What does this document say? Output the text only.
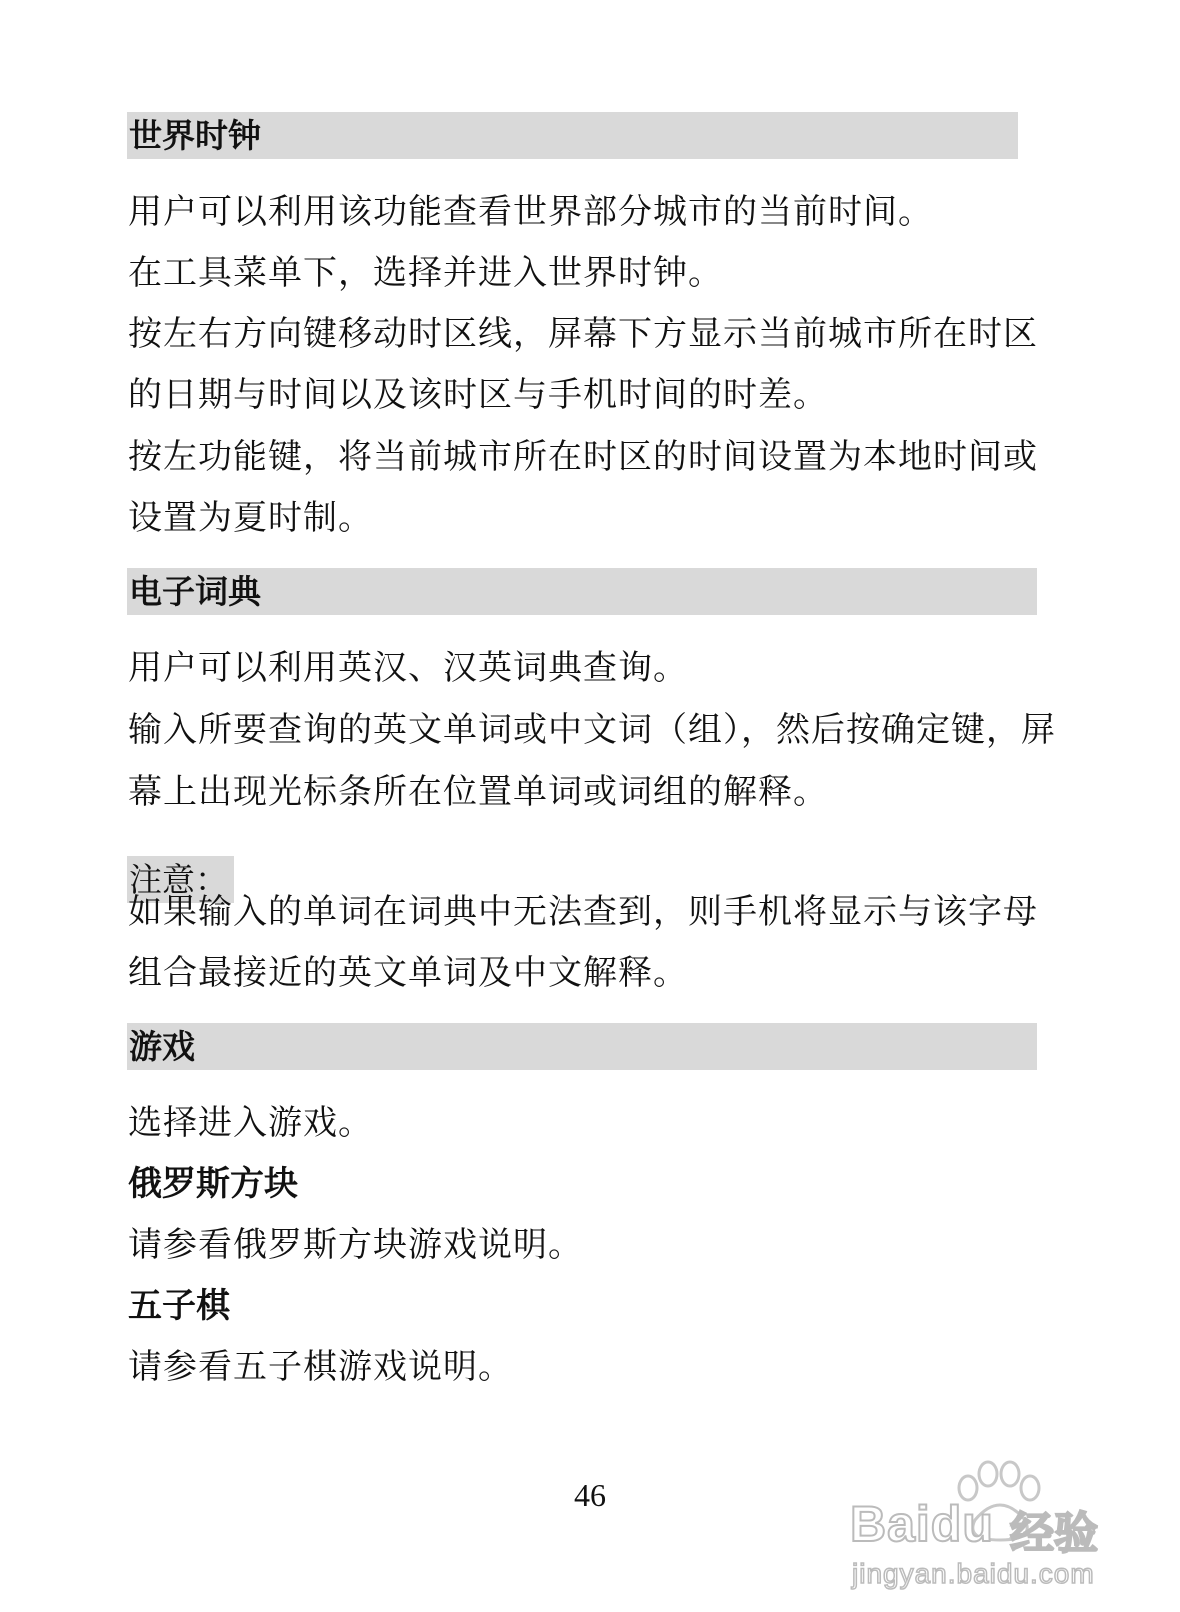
世界时钟
用户可以利用该功能查看世界部分城市的当前时间。
在工具菜单下，选择并进入世界时钟。
按左右方向键移动时区线，屏幕下方显示当前城市所在时区
的日期与时间以及该时区与手机时间的时差。
按左功能键，将当前城市所在时区的时间设置为本地时间或
设置为夏时制。
电子词典
用户可以利用英汉、汉英词典查询。
输入所要查询的英文单词或中文词（组），然后按确定键，屏
幕上出现光标条所在位置单词或词组的解释。
注意：
如果输入的单词在词典中无法查到，则手机将显示与该字母
组合最接近的英文单词及中文解释。
游戏
选择进入游戏。
俄罗斯方块
请参看俄罗斯方块游戏说明。
五子棋
请参看五子棋游戏说明。
46
Baidu 经验
jingyan.baidu.com
